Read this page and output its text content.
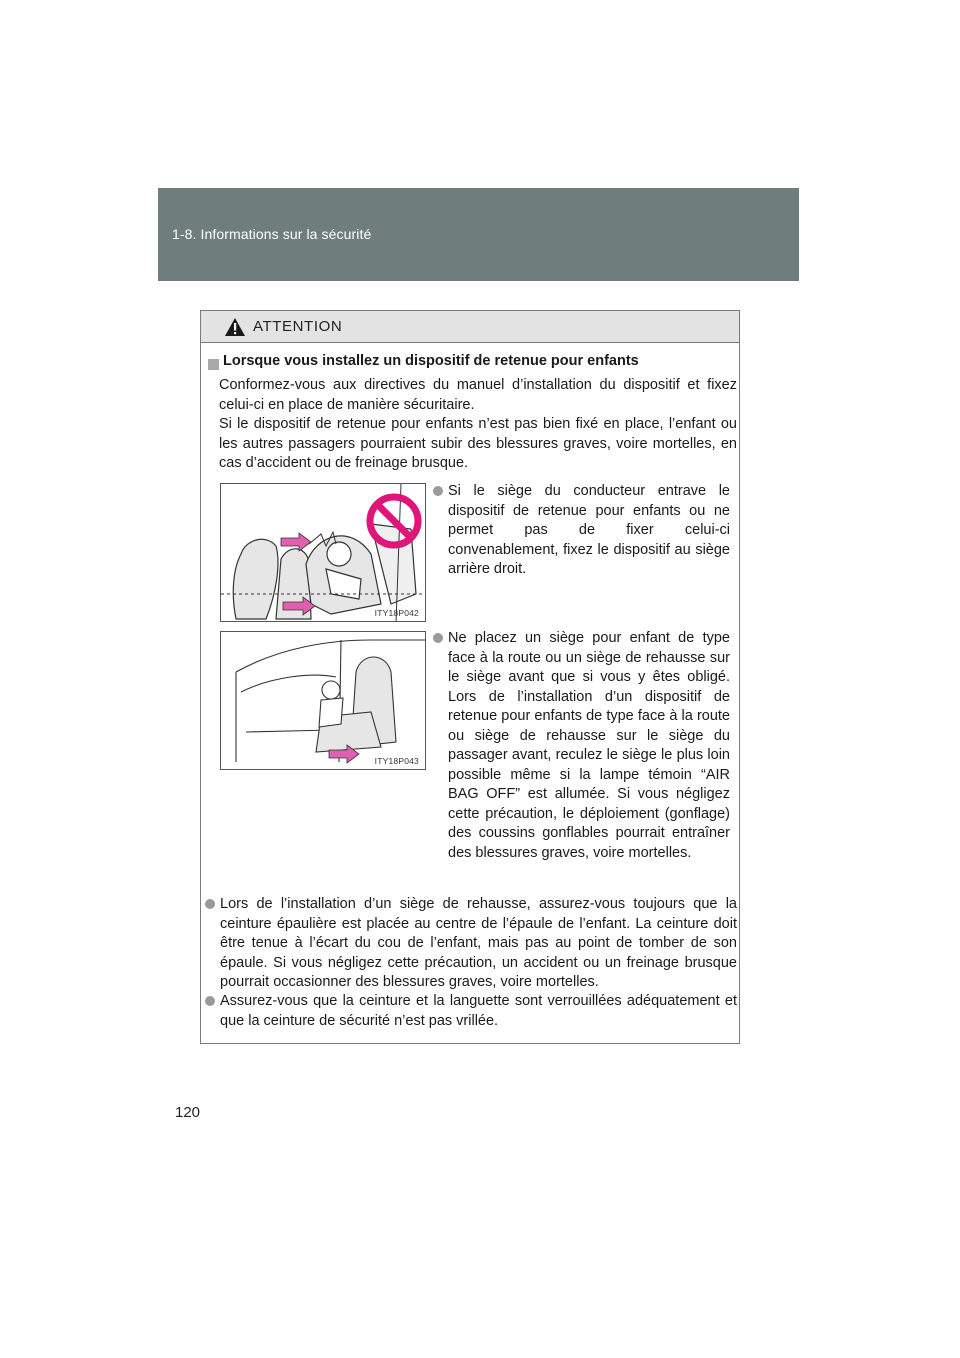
1-8. Informations sur la sécurité
ATTENTION
Lorsque vous installez un dispositif de retenue pour enfants

Conformez-vous aux directives du manuel d’installation du dispositif et fixez celui-ci en place de manière sécuritaire.

Si le dispositif de retenue pour enfants n’est pas bien fixé en place, l’enfant ou les autres passagers pourraient subir des blessures graves, voire mortelles, en cas d’accident ou de freinage brusque.

ITY18P042
ITY18P043
Si le siège du conducteur entrave le dispositif de retenue pour enfants ou ne permet pas de fixer celui-ci convenablement, fixez le dispositif au siège arrière droit.
Ne placez un siège pour enfant de type face à la route ou un siège de rehausse sur le siège avant que si vous y êtes obligé. Lors de l’installation d’un dispositif de retenue pour enfants de type face à la route ou siège de rehausse sur le siège du passager avant, reculez le siège le plus loin possible même si la lampe témoin “AIR BAG OFF” est allumée. Si vous négligez cette précaution, le déploiement (gonflage) des coussins gonflables pourrait entraîner des blessures graves, voire mortelles.
Lors de l’installation d’un siège de rehausse, assurez-vous toujours que la ceinture épaulière est placée au centre de l’épaule de l’enfant. La ceinture doit être tenue à l’écart du cou de l’enfant, mais pas au point de tomber de son épaule. Si vous négligez cette précaution, un accident ou un freinage brusque pourrait occasionner des blessures graves, voire mortelles.
Assurez-vous que la ceinture et la languette sont verrouillées adéquatement et que la ceinture de sécurité n’est pas vrillée.
120
